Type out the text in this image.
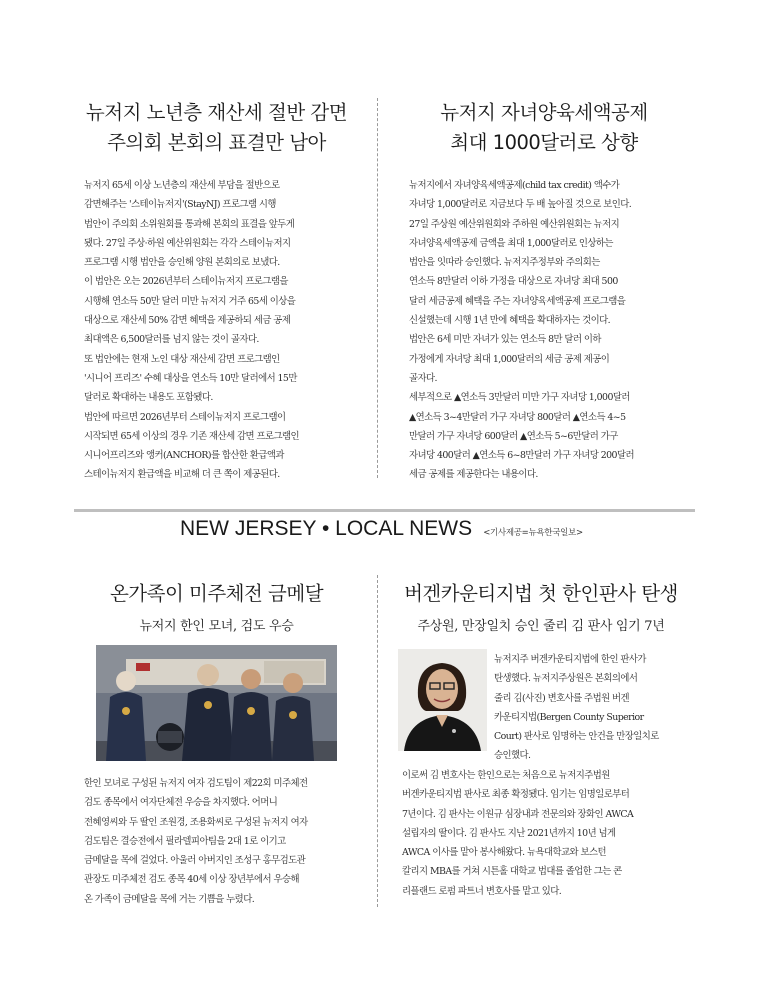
뉴저지 노년층 재산세 절반 감면
주의회 본회의 표결만 남아

뉴저지 65세 이상 노년층의 재산세 부담을 절반으로

감면해주는 '스테이뉴저지'(StayNJ) 프로그램 시행

법안이 주의회 소위원회를 통과해 본회의 표결을 앞두게

됐다. 27일 주상·하원 예산위원회는 각각 스테이뉴저지

프로그램 시행 법안을 승인해 양원 본회의로 보냈다.

이 법안은 오는 2026년부터 스테이뉴저지 프로그램을

시행해 연소득 50만 달러 미만 뉴저지 거주 65세 이상을

대상으로 재산세 50% 감면 혜택을 제공하되 세금 공제

최대액은 6,500달러를 넘지 않는 것이 골자다.

또 법안에는 현재 노인 대상 재산세 감면 프로그램인

'시니어 프리즈' 수혜 대상을 연소득 10만 달러에서 15만

달러로 확대하는 내용도 포함됐다.

법안에 따르면 2026년부터 스테이뉴저지 프로그램이

시작되면 65세 이상의 경우 기존 재산세 감면 프로그램인

시니어프리즈와 앵커(ANCHOR)를 합산한 환급액과

스테이뉴저지 환급액을 비교해 더 큰 쪽이 제공된다.

뉴저지 자녀양육세액공제
최대 1000달러로 상향

뉴저지에서 자녀양육세액공제(child tax credit) 액수가

자녀당 1,000달러로 지금보다 두 배 높아질 것으로 보인다.

27일 주상원 예산위원회와 주하원 예산위원회는 뉴저지

자녀양육세액공제 금액을 최대 1,000달러로 인상하는

법안을 잇따라 승인했다. 뉴저지주정부와 주의회는

연소득 8만달러 이하 가정을 대상으로 자녀당 최대 500

달러 세금공제 혜택을 주는 자녀양육세액공제 프로그램을

신설했는데 시행 1년 만에 혜택을 확대하자는 것이다.

법안은 6세 미만 자녀가 있는 연소득 8만 달러 이하

가정에게 자녀당 최대 1,000달러의 세금 공제 제공이

골자다.

세부적으로 ▲연소득 3만달러 미만 가구 자녀당 1,000달러

▲연소득 3~4만달러 가구 자녀당 800달러 ▲연소득 4~5

만달러 가구 자녀당 600달러 ▲연소득 5~6만달러 가구

자녀당 400달러 ▲연소득 6~8만달러 가구 자녀당 200달러

세금 공제를 제공한다는 내용이다.

NEW JERSEY • LOCAL NEWS <기사제공=뉴욕한국일보>
온가족이 미주체전 금메달
뉴저지 한인 모녀, 검도 우승

한인 모녀로 구성된 뉴저지 여자 검도팀이 제22회 미주체전

검도 종목에서 여자단체전 우승을 차지했다. 어머니

전혜영씨와 두 딸인 조원경, 조용화씨로 구성된 뉴저지 여자

검도팀은 결승전에서 필라델피아팀을 2대 1로 이기고

금메달을 목에 걸었다. 아울러 아버지인 조성구 홍무검도관

관장도 미주체전 검도 종목 40세 이상 장년부에서 우승해

온 가족이 금메달을 목에 거는 기쁨을 누렸다.

버겐카운티지법 첫 한인판사 탄생
주상원, 만장일치 승인 줄리 김 판사 임기 7년

뉴저지주 버겐카운티지법에 한인 판사가

탄생했다. 뉴저지주상원은 본회의에서

줄리 김(사진) 변호사를 주법원 버겐

카운티지법(Bergen County Superior

Court) 판사로 임명하는 안건을 만장일치로

승인했다.

이로써 김 변호사는 한인으로는 처음으로 뉴저지주법원

버겐카운티지법 판사로 최종 확정됐다. 임기는 임명일로부터

7년이다. 김 판사는 이원규 심장내과 전문의와 장화인 AWCA

설립자의 딸이다. 김 판사도 지난 2021년까지 10년 넘게

AWCA 이사를 맡아 봉사해왔다. 뉴욕대학교와 보스턴

칼리지 MBA를 거쳐 시튼홀 대학교 법대를 졸업한 그는 콘

리플랜드 로펌 파트너 변호사를 맡고 있다.
